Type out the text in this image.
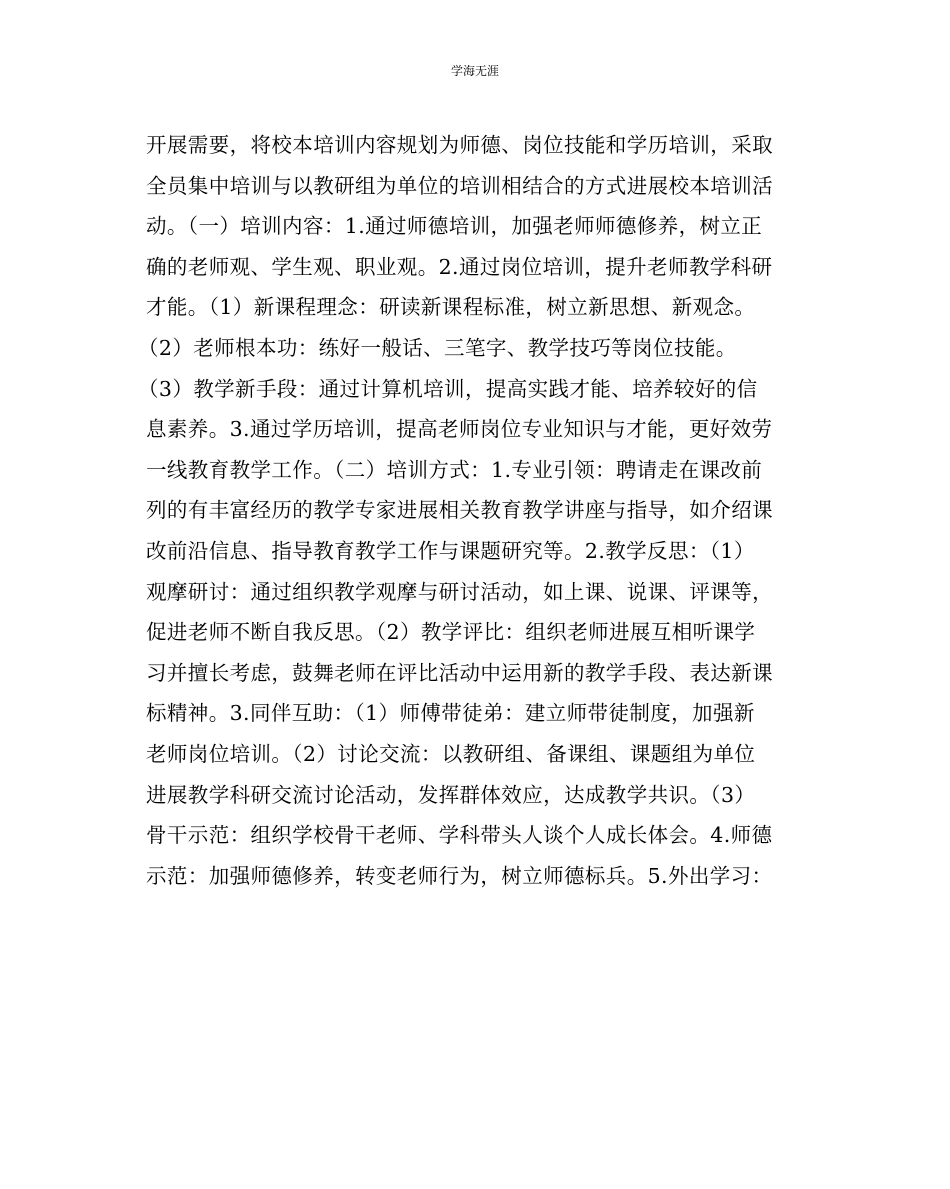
学海无涯
开展需要，将校本培训内容规划为师德、岗位技能和学历培训，采取
全员集中培训与以教研组为单位的培训相结合的方式进展校本培训活
动。（一）培训内容：1.通过师德培训，加强老师师德修养，树立正
确的老师观、学生观、职业观。2.通过岗位培训，提升老师教学科研
才能。（1）新课程理念：研读新课程标准，树立新思想、新观念。
（2）老师根本功：练好一般话、三笔字、教学技巧等岗位技能。
（3）教学新手段：通过计算机培训，提高实践才能、培养较好的信
息素养。3.通过学历培训，提高老师岗位专业知识与才能，更好效劳
一线教育教学工作。（二）培训方式：1.专业引领：聘请走在课改前
列的有丰富经历的教学专家进展相关教育教学讲座与指导，如介绍课
改前沿信息、指导教育教学工作与课题研究等。2.教学反思：（1）
观摩研讨：通过组织教学观摩与研讨活动，如上课、说课、评课等，
促进老师不断自我反思。（2）教学评比：组织老师进展互相听课学
习并擅长考虑，鼓舞老师在评比活动中运用新的教学手段、表达新课
标精神。3.同伴互助：（1）师傅带徒弟：建立师带徒制度，加强新
老师岗位培训。（2）讨论交流：以教研组、备课组、课题组为单位
进展教学科研交流讨论活动，发挥群体效应，达成教学共识。（3）
骨干示范：组织学校骨干老师、学科带头人谈个人成长体会。4.师德
示范：加强师德修养，转变老师行为，树立师德标兵。5.外出学习：
